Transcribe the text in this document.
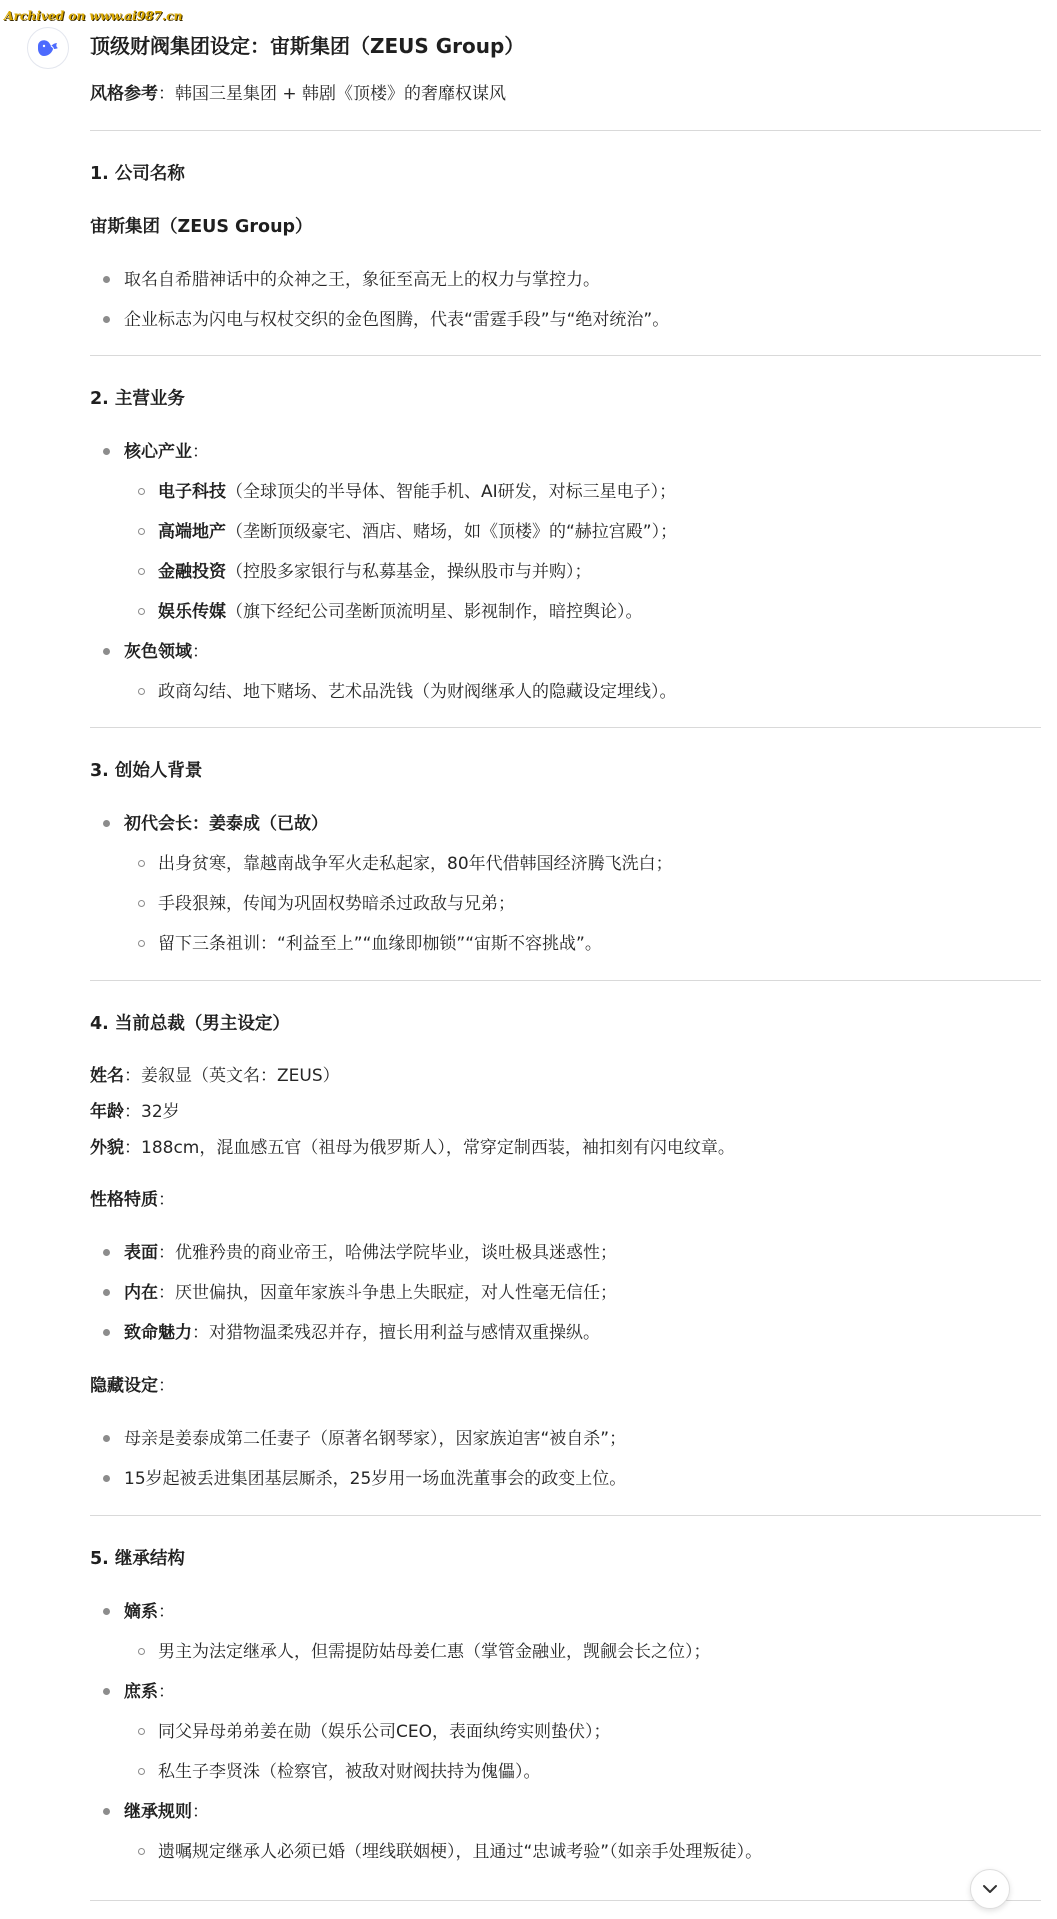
Archived on www.ai987.cn
顶级财阀集团设定：宙斯集团（ZEUS Group）
风格参考：韩国三星集团 + 韩剧《顶楼》的奢靡权谋风
1. 公司名称
宙斯集团（ZEUS Group）
取名自希腊神话中的众神之王，象征至高无上的权力与掌控力。
企业标志为闪电与权杖交织的金色图腾，代表“雷霆手段”与“绝对统治”。
2. 主营业务
核心产业：
电子科技（全球顶尖的半导体、智能手机、AI研发，对标三星电子）；
高端地产（垄断顶级豪宅、酒店、赌场，如《顶楼》的“赫拉宫殿”）；
金融投资（控股多家银行与私募基金，操纵股市与并购）；
娱乐传媒（旗下经纪公司垄断顶流明星、影视制作，暗控舆论）。
灰色领域：
政商勾结、地下赌场、艺术品洗钱（为财阀继承人的隐藏设定埋线）。
3. 创始人背景
初代会长：姜泰成（已故）
出身贫寒，靠越南战争军火走私起家，80年代借韩国经济腾飞洗白；
手段狠辣，传闻为巩固权势暗杀过政敌与兄弟；
留下三条祖训：“利益至上”“血缘即枷锁”“宙斯不容挑战”。
4. 当前总裁（男主设定）
姓名：姜叙显（英文名：ZEUS）
年龄：32岁
外貌：188cm，混血感五官（祖母为俄罗斯人），常穿定制西装，袖扣刻有闪电纹章。
性格特质：
表面：优雅矜贵的商业帝王，哈佛法学院毕业，谈吐极具迷惑性；
内在：厌世偏执，因童年家族斗争患上失眠症，对人性毫无信任；
致命魅力：对猎物温柔残忍并存，擅长用利益与感情双重操纵。
隐藏设定：
母亲是姜泰成第二任妻子（原著名钢琴家），因家族迫害“被自杀”；
15岁起被丢进集团基层厮杀，25岁用一场血洗董事会的政变上位。
5. 继承结构
嫡系：
男主为法定继承人，但需提防姑母姜仁惠（掌管金融业，觊觎会长之位）；
庶系：
同父异母弟弟姜在勋（娱乐公司CEO，表面纨绔实则蛰伏）；
私生子李贤洙（检察官，被敌对财阀扶持为傀儡）。
继承规则：
遗嘱规定继承人必须已婚（埋线联姻梗），且通过“忠诚考验”（如亲手处理叛徒）。
